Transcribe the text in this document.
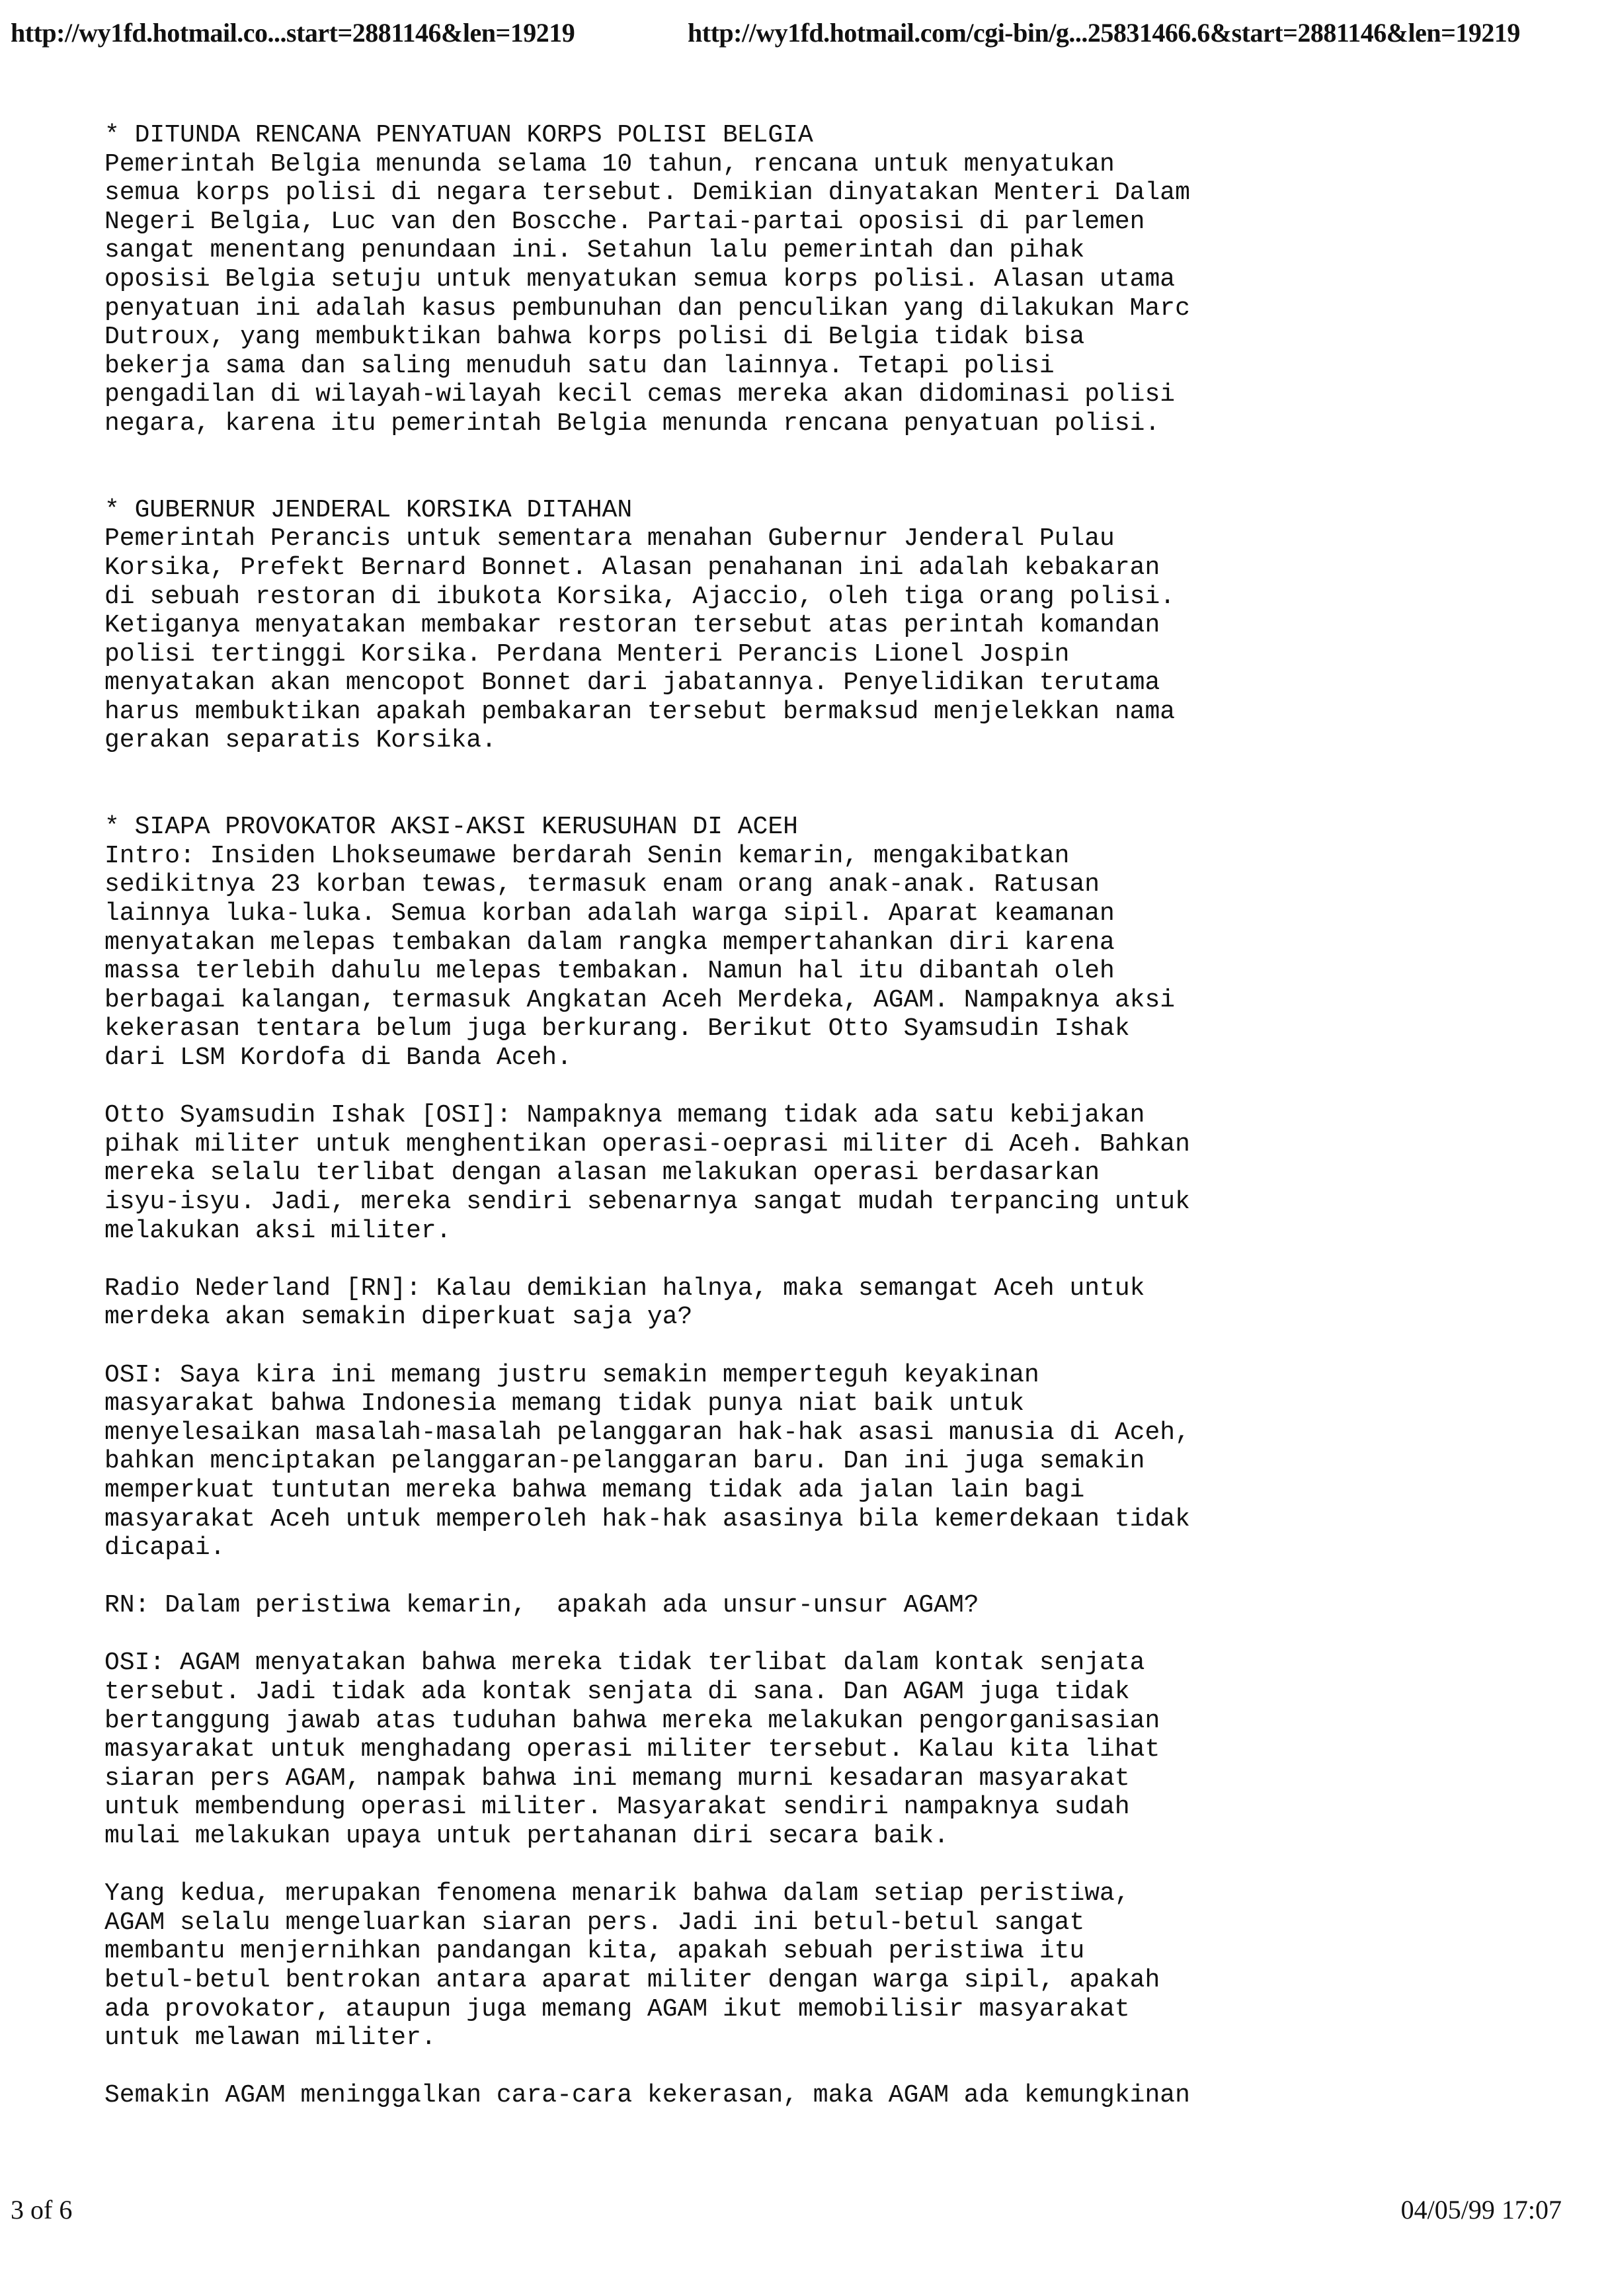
http://wy1fd.hotmail.co...start=2881146&len=19219	http://wy1fd.hotmail.com/cgi-bin/g...25831466.6&start=2881146&len=19219
* DITUNDA RENCANA PENYATUAN KORPS POLISI BELGIA
Pemerintah Belgia menunda selama 10 tahun, rencana untuk menyatukan
semua korps polisi di negara tersebut. Demikian dinyatakan Menteri Dalam
Negeri Belgia, Luc van den Boscche. Partai-partai oposisi di parlemen
sangat menentang penundaan ini. Setahun lalu pemerintah dan pihak
oposisi Belgia setuju untuk menyatukan semua korps polisi. Alasan utama
penyatuan ini adalah kasus pembunuhan dan penculikan yang dilakukan Marc
Dutroux, yang membuktikan bahwa korps polisi di Belgia tidak bisa
bekerja sama dan saling menuduh satu dan lainnya. Tetapi polisi
pengadilan di wilayah-wilayah kecil cemas mereka akan didominasi polisi
negara, karena itu pemerintah Belgia menunda rencana penyatuan polisi.
* GUBERNUR JENDERAL KORSIKA DITAHAN
Pemerintah Perancis untuk sementara menahan Gubernur Jenderal Pulau
Korsika, Prefekt Bernard Bonnet. Alasan penahanan ini adalah kebakaran
di sebuah restoran di ibukota Korsika, Ajaccio, oleh tiga orang polisi.
Ketiganya menyatakan membakar restoran tersebut atas perintah komandan
polisi tertinggi Korsika. Perdana Menteri Perancis Lionel Jospin
menyatakan akan mencopot Bonnet dari jabatannya. Penyelidikan terutama
harus membuktikan apakah pembakaran tersebut bermaksud menjelekkan nama
gerakan separatis Korsika.
* SIAPA PROVOKATOR AKSI-AKSI KERUSUHAN DI ACEH
Intro: Insiden Lhokseumawe berdarah Senin kemarin, mengakibatkan
sedikitnya 23 korban tewas, termasuk enam orang anak-anak. Ratusan
lainnya luka-luka. Semua korban adalah warga sipil. Aparat keamanan
menyatakan melepas tembakan dalam rangka mempertahankan diri karena
massa terlebih dahulu melepas tembakan. Namun hal itu dibantah oleh
berbagai kalangan, termasuk Angkatan Aceh Merdeka, AGAM. Nampaknya aksi
kekerasan tentara belum juga berkurang. Berikut Otto Syamsudin Ishak
dari LSM Kordofa di Banda Aceh.
Otto Syamsudin Ishak [OSI]: Nampaknya memang tidak ada satu kebijakan
pihak militer untuk menghentikan operasi-oeprasi militer di Aceh. Bahkan
mereka selalu terlibat dengan alasan melakukan operasi berdasarkan
isyu-isyu. Jadi, mereka sendiri sebenarnya sangat mudah terpancing untuk
melakukan aksi militer.
Radio Nederland [RN]: Kalau demikian halnya, maka semangat Aceh untuk
merdeka akan semakin diperkuat saja ya?
OSI: Saya kira ini memang justru semakin memperteguh keyakinan
masyarakat bahwa Indonesia memang tidak punya niat baik untuk
menyelesaikan masalah-masalah pelanggaran hak-hak asasi manusia di Aceh,
bahkan menciptakan pelanggaran-pelanggaran baru. Dan ini juga semakin
memperkuat tuntutan mereka bahwa memang tidak ada jalan lain bagi
masyarakat Aceh untuk memperoleh hak-hak asasinya bila kemerdekaan tidak
dicapai.
RN: Dalam peristiwa kemarin,  apakah ada unsur-unsur AGAM?
OSI: AGAM menyatakan bahwa mereka tidak terlibat dalam kontak senjata
tersebut. Jadi tidak ada kontak senjata di sana. Dan AGAM juga tidak
bertanggung jawab atas tuduhan bahwa mereka melakukan pengorganisasian
masyarakat untuk menghadang operasi militer tersebut. Kalau kita lihat
siaran pers AGAM, nampak bahwa ini memang murni kesadaran masyarakat
untuk membendung operasi militer. Masyarakat sendiri nampaknya sudah
mulai melakukan upaya untuk pertahanan diri secara baik.
Yang kedua, merupakan fenomena menarik bahwa dalam setiap peristiwa,
AGAM selalu mengeluarkan siaran pers. Jadi ini betul-betul sangat
membantu menjernihkan pandangan kita, apakah sebuah peristiwa itu
betul-betul bentrokan antara aparat militer dengan warga sipil, apakah
ada provokator, ataupun juga memang AGAM ikut memobilisir masyarakat
untuk melawan militer.
Semakin AGAM meninggalkan cara-cara kekerasan, maka AGAM ada kemungkinan
3 of 6	04/05/99 17:07
